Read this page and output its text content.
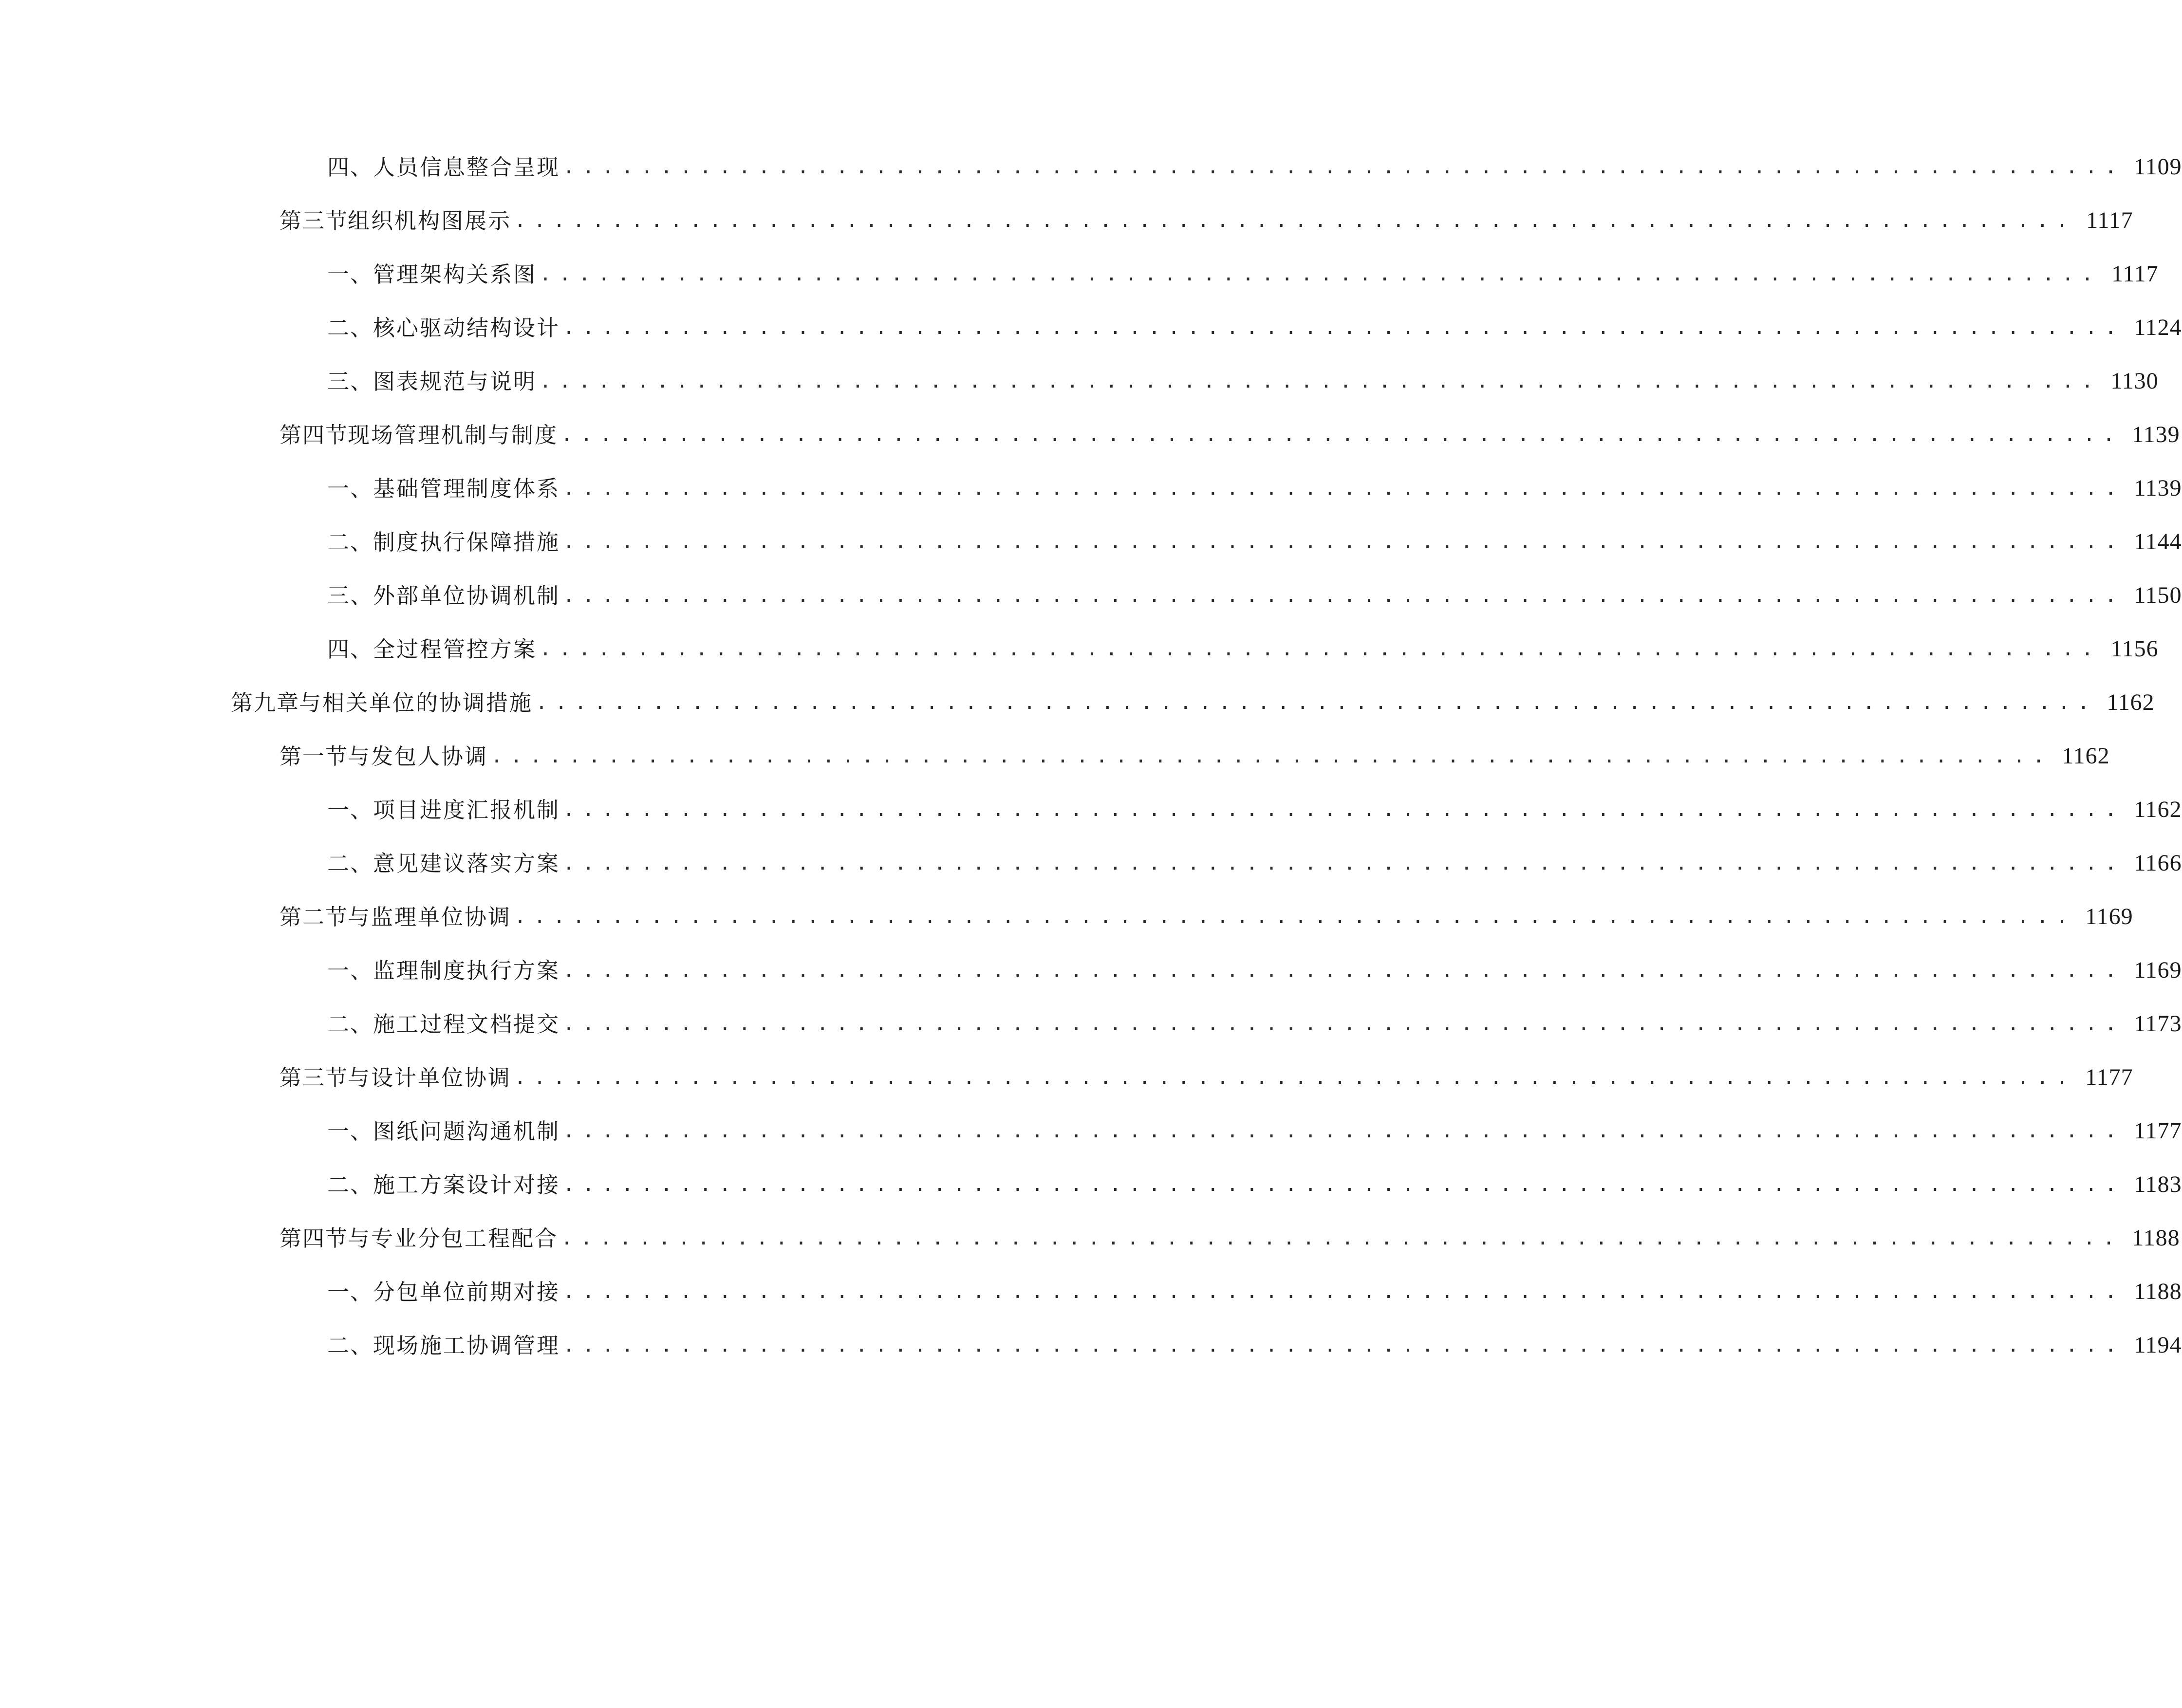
四、 人员信息整合呈现 ................................................................................ 1109
第三节
组织机构图展示 ................................................................................ 1117
一、 管理架构关系图 ................................................................................ 1117
二、 核心驱动结构设计 ................................................................................ 1124
三、 图表规范与说明 ................................................................................ 1130
第四节
现场管理机制与制度 ................................................................................ 1139
一、 基础管理制度体系 ................................................................................ 1139
二、 制度执行保障措施 ................................................................................ 1144
三、 外部单位协调机制 ................................................................................ 1150
四、 全过程管控方案 ................................................................................ 1156
第九章
与相关单位的协调措施 ................................................................................ 1162
第一节
与发包人协调 ................................................................................ 1162
一、 项目进度汇报机制 ................................................................................ 1162
二、 意见建议落实方案 ................................................................................ 1166
第二节
与监理单位协调 ................................................................................ 1169
一、 监理制度执行方案 ................................................................................ 1169
二、 施工过程文档提交 ................................................................................ 1173
第三节
与设计单位协调 ................................................................................ 1177
一、 图纸问题沟通机制 ................................................................................ 1177
二、 施工方案设计对接 ................................................................................ 1183
第四节
与专业分包工程配合 ................................................................................ 1188
一、 分包单位前期对接 ................................................................................ 1188
二、 现场施工协调管理 ................................................................................ 1194
